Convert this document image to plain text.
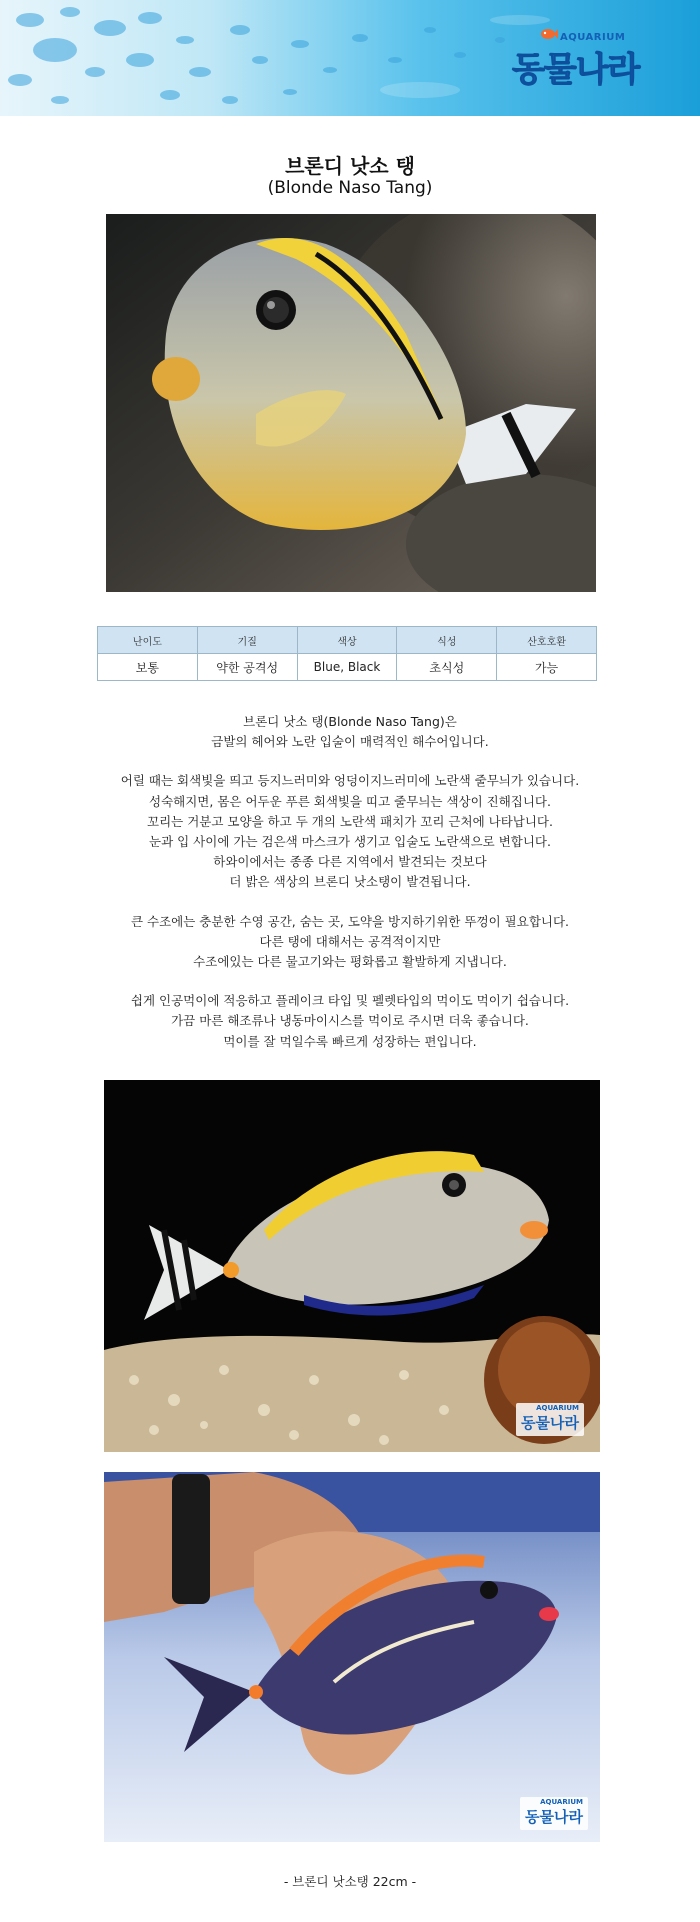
AQUARIUM
동물나라
브론디 낫소 탱
(Blonde Naso Tang)
난이도	기질	색상	식성	산호호환
보통	약한 공격성	Blue, Black	초식성	가능

브론디 낫소 탱(Blonde Naso Tang)은
금발의 헤어와 노란 입술이 매력적인 해수어입니다.

어릴 때는 회색빛을 띄고 등지느러미와 엉덩이지느러미에 노란색 줄무늬가 있습니다.
성숙해지면, 몸은 어두운 푸른 회색빛을 띠고 줄무늬는 색상이 진해집니다.
꼬리는 거분고 모양을 하고 두 개의 노란색 패치가 꼬리 근처에 나타납니다.
눈과 입 사이에 가는 검은색 마스크가 생기고 입술도 노란색으로 변합니다.
하와이에서는 종종 다른 지역에서 발견되는 것보다
더 밝은 색상의 브론디 낫소탱이 발견됩니다.

큰 수조에는 충분한 수영 공간, 숨는 곳, 도약을 방지하기위한 뚜껑이 필요합니다.
다른 탱에 대해서는 공격적이지만
수조에있는 다른 물고기와는 평화롭고 활발하게 지냅니다.

쉽게 인공먹이에 적응하고 플레이크 타입 및 펠렛타입의 먹이도 먹이기 쉽습니다.
가끔 마른 해조류나 냉동마이시스를 먹이로 주시면 더욱 좋습니다.
먹이를 잘 먹일수록 빠르게 성장하는 편입니다.

AQUARIUM
동물나라
AQUARIUM
동물나라
- 브론디 낫소탱 22cm -
